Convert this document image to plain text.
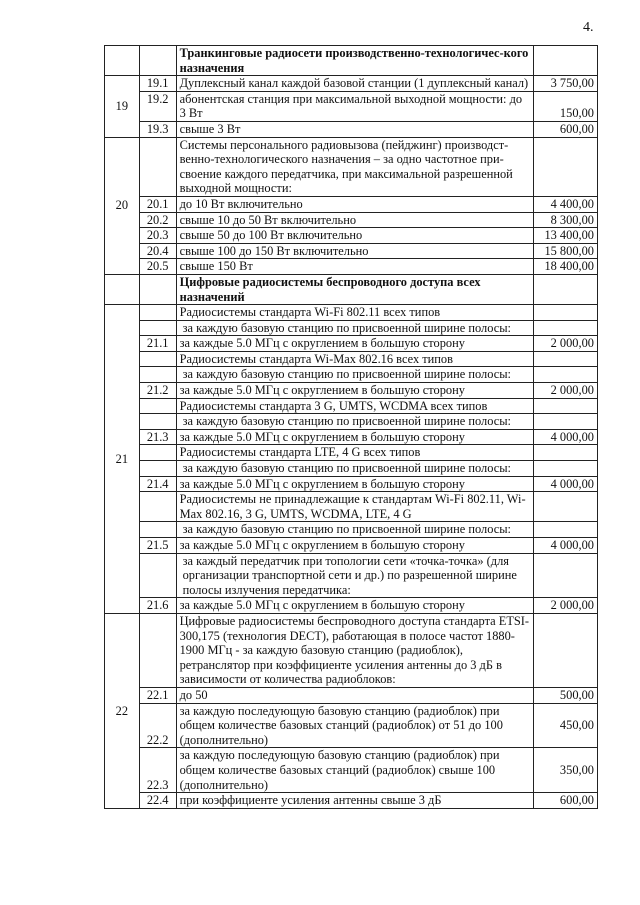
4.
		Транкинговые радиосети производственно-технологичес-кого назначения	
19	19.1	Дуплексный канал каждой базовой станции (1 дуплексный канал)	3 750,00
	19.2	абонентская станция при максимальной выходной мощности: до 3 Вт	150,00
	19.3	свыше 3 Вт	600,00
20		Системы персонального радиовызова (пейджинг) производст-венно-технологического назначения – за одно частотное при-своение каждого передатчика, при максимальной разрешенной выходной мощности:	
	20.1	до 10 Вт включительно	4 400,00
	20.2	свыше 10 до 50 Вт включительно	8 300,00
	20.3	свыше 50 до 100 Вт включительно	13 400,00
	20.4	свыше 100 до 150 Вт включительно	15 800,00
	20.5	свыше 150 Вт	18 400,00
		Цифровые радиосистемы беспроводного доступа всех назначений	
21		Радиосистемы стандарта Wi-Fi 802.11 всех типов	
		за каждую базовую станцию по присвоенной ширине полосы:	
	21.1	за каждые 5.0 МГц с округлением в большую сторону	2 000,00
		Радиосистемы стандарта Wi-Max 802.16 всех типов	
		за каждую базовую станцию по присвоенной ширине полосы:	
	21.2	за каждые 5.0 МГц с округлением в большую сторону	2 000,00
		Радиосистемы стандарта 3 G, UMTS, WCDMA всех типов	
		за каждую базовую станцию по присвоенной ширине полосы:	
	21.3	за каждые 5.0 МГц с округлением в большую сторону	4 000,00
		Радиосистемы стандарта LTE, 4 G всех типов	
		за каждую базовую станцию по присвоенной ширине полосы:	
	21.4	за каждые 5.0 МГц с округлением в большую сторону	4 000,00
		Радиосистемы не принадлежащие к стандартам Wi-Fi 802.11, Wi-Max 802.16, 3 G, UMTS, WCDMA, LTE, 4 G	
		за каждую базовую станцию по присвоенной ширине полосы:	
	21.5	за каждые 5.0 МГц с округлением в большую сторону	4 000,00
		за каждый передатчик при топологии сети «точка-точка» (для организации транспортной сети и др.) по разрешенной ширине полосы излучения передатчика:	
	21.6	за каждые 5.0 МГц с округлением в большую сторону	2 000,00
22		Цифровые радиосистемы беспроводного доступа стандарта ETSI-300,175 (технология DECT), работающая в полосе частот 1880-1900 МГц - за каждую базовую станцию (радиоблок), ретранслятор при коэффициенте усиления антенны до 3 дБ в зависимости от количества радиоблоков:	
	22.1	до 50	500,00
	22.2	за каждую последующую базовую станцию (радиоблок) при общем количестве базовых станций (радиоблок) от 51 до 100 (дополнительно)	450,00
	22.3	за каждую последующую базовую станцию (радиоблок) при общем количестве базовых станций (радиоблок) свыше 100 (дополнительно)	350,00
	22.4	при коэффициенте усиления антенны свыше 3 дБ	600,00
